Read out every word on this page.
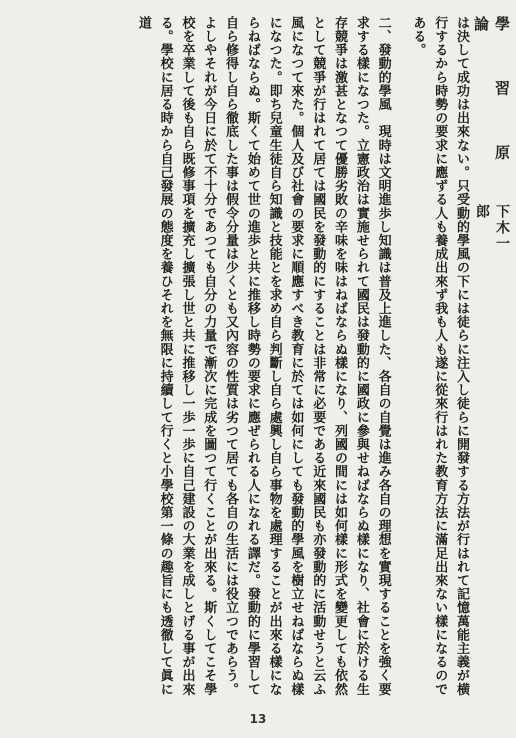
學 習 原 論
下木一郎

は決して成功は出來ない。只受動的學風の下には徒らに注入し徒らに開發する方法が行はれて記憶萬能主義が横行するから時勢の要求に應ずる人も養成出來ず我も人も遂に從來行はれた教育方法に滿足出來ない樣になるのである。

二、發動的學風　現時は文明進歩し知識は普及上進した、各自の自覺は進み各自の理想を實現することを強く要求する樣になつた。立憲政治は實施せられて國民は發動的に國政に參與せねばならぬ樣になり、社會に於ける生存競爭は激甚となつて優勝劣敗の辛味を味はねばならぬ樣になり、列國の間には如何樣に形式を變更しても依然として競爭が行はれて居ては國民を發動的にすることは非常に必要である近來國民も亦發動的に活動せうと云ふ風になつて來た。個人及び社會の要求に順應すべき教育に於ては如何にしても發動的學風を樹立せねばならぬ樣になつた。即ち兒童生徒自ら知識と技能とを求め自ら判斷し自ら處興し自ら事物を處理することが出來る樣にならねばならぬ。斯くて始めて世の進歩と共に推移し時勢の要求に應ぜられる人になれる譯だ。發動的に學習して自ら修得し自ら徹底した事は假令分量は少くとも又內容の性質は劣つて居ても各自の生活には役立つであらう。よしやそれが今日に於て不十分であつても自分の力量で漸次に完成を圖つて行くことが出來る。斯くしてこそ學校を卒業して後も自ら既修事項を擴充し擴張し世と共に推移し一歩一歩に自己建設の大業を成しとげる事が出來る。學校に居る時から自己發展の態度を養ひそれを無限に持續して行くと小學校第一條の趣旨にも透徹して眞に道

13
